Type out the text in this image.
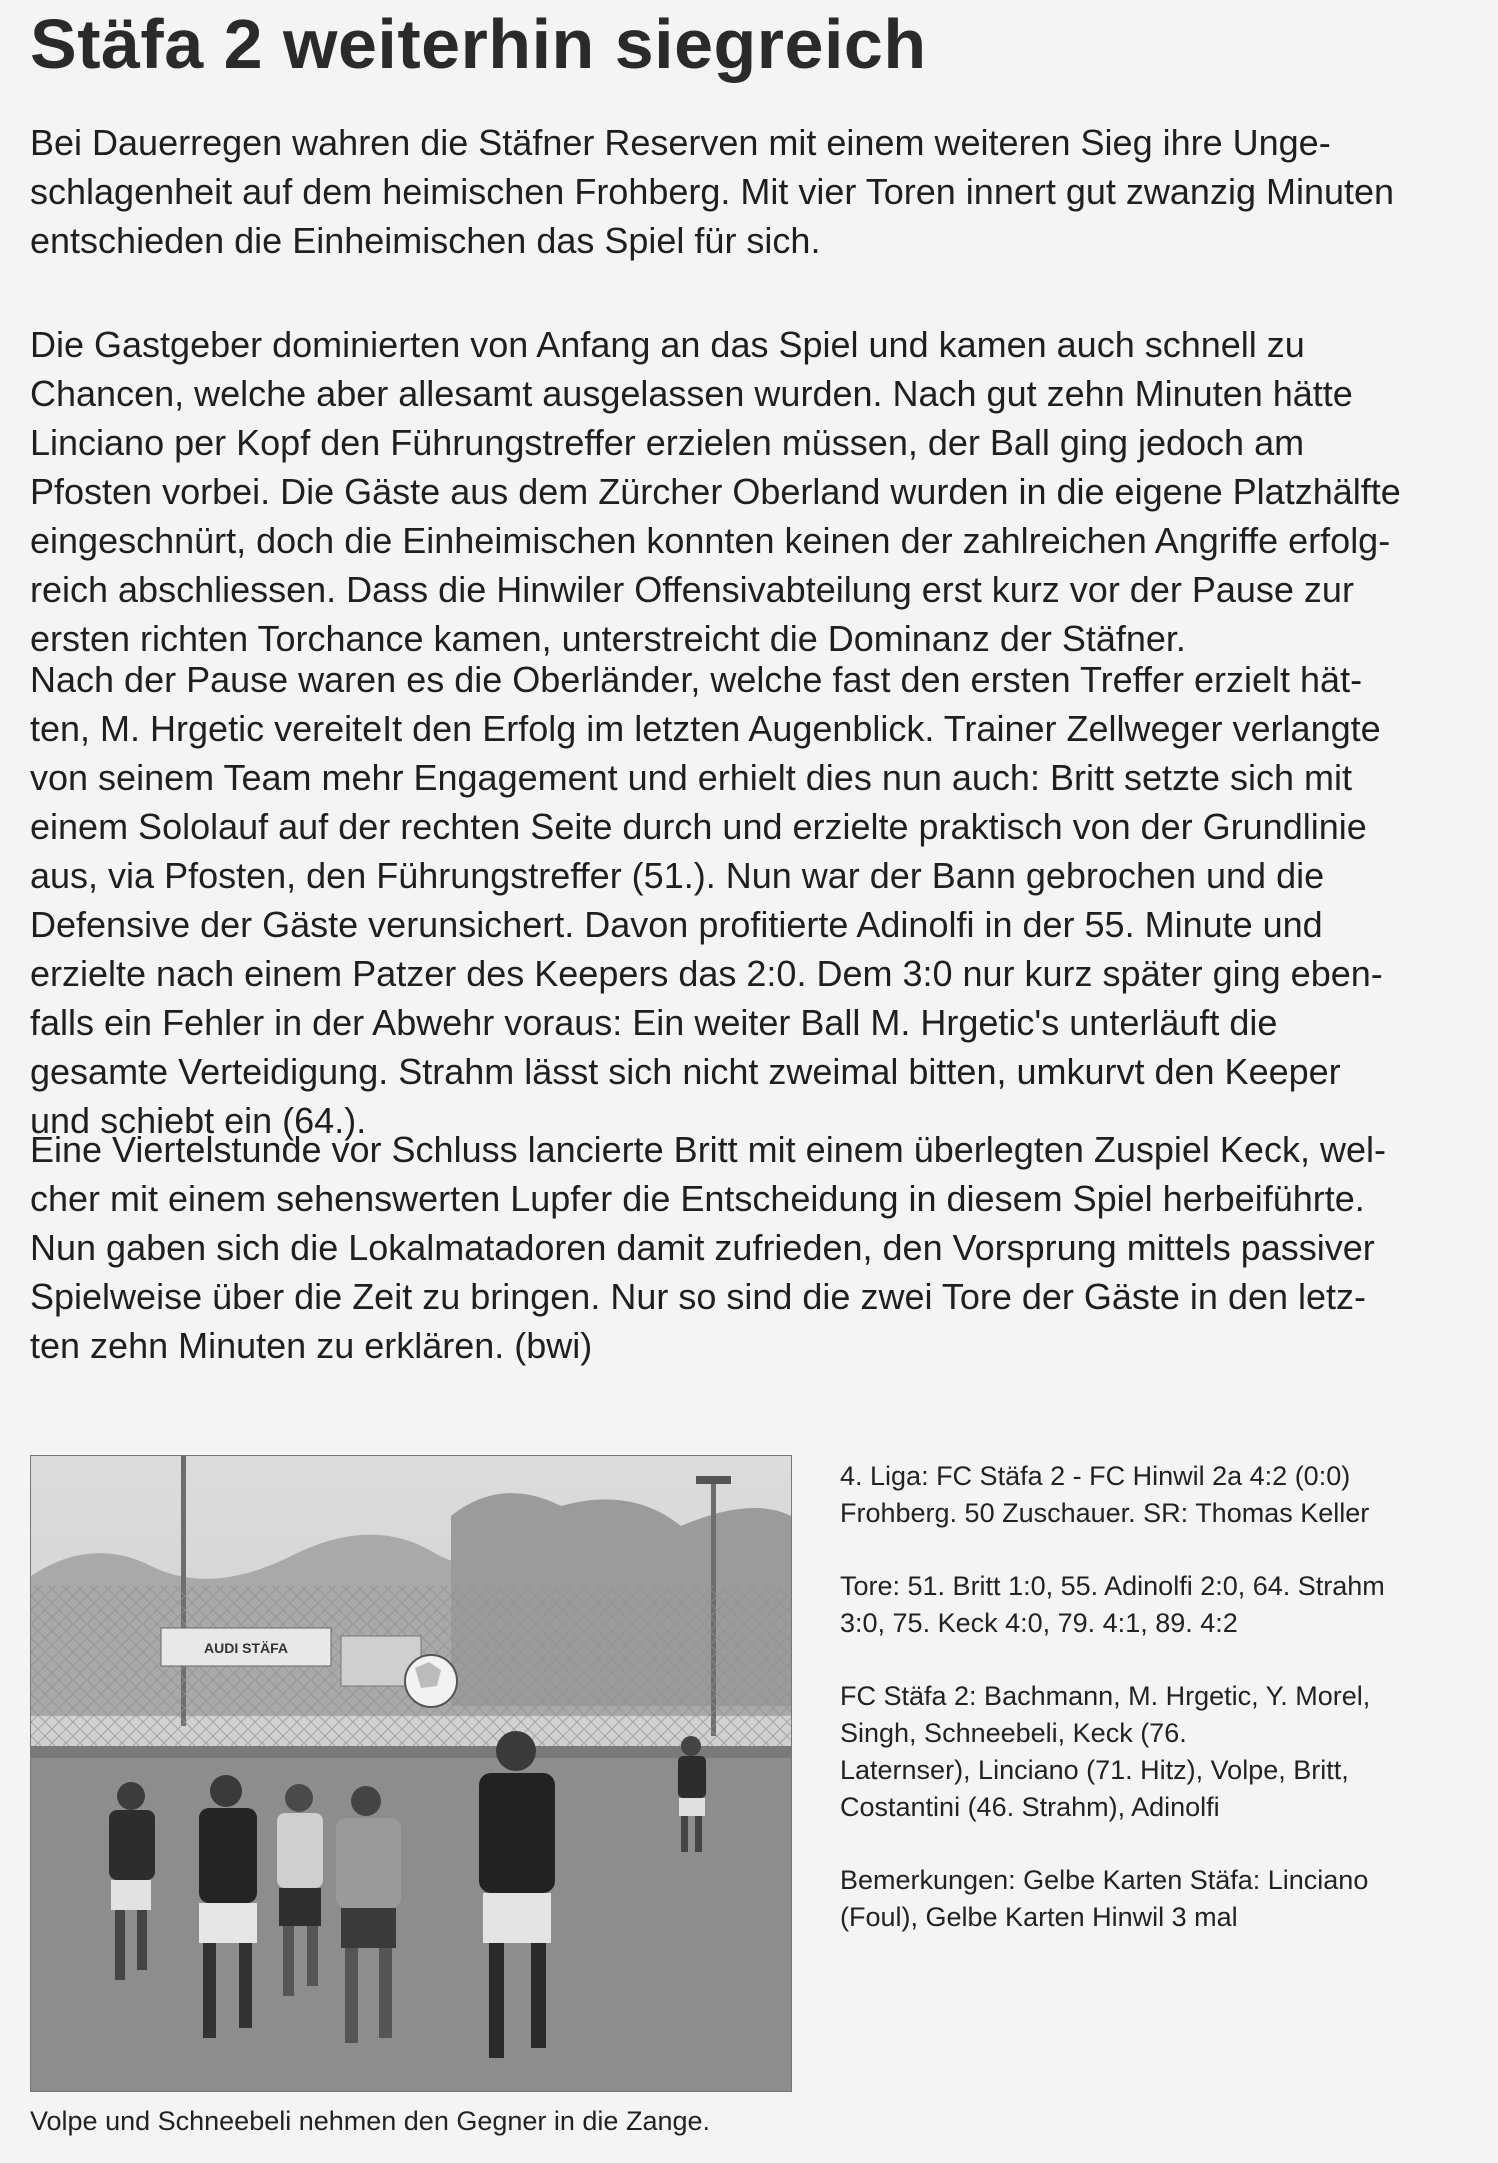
Stäfa 2 weiterhin siegreich

Bei Dauerregen wahren die Stäfner Reserven mit einem weiteren Sieg ihre Unge-
schlagenheit auf dem heimischen Frohberg. Mit vier Toren innert gut zwanzig Minuten
entschieden die Einheimischen das Spiel für sich.

Die Gastgeber dominierten von Anfang an das Spiel und kamen auch schnell zu
Chancen, welche aber allesamt ausgelassen wurden. Nach gut zehn Minuten hätte
Linciano per Kopf den Führungstreffer erzielen müssen, der Ball ging jedoch am
Pfosten vorbei. Die Gäste aus dem Zürcher Oberland wurden in die eigene Platzhälfte
eingeschnürt, doch die Einheimischen konnten keinen der zahlreichen Angriffe erfolg-
reich abschliessen. Dass die Hinwiler Offensivabteilung erst kurz vor der Pause zur
ersten richten Torchance kamen, unterstreicht die Dominanz der Stäfner.

Nach der Pause waren es die Oberländer, welche fast den ersten Treffer erzielt hät-
ten, M. Hrgetic vereiteIt den Erfolg im letzten Augenblick. Trainer Zellweger verlangte
von seinem Team mehr Engagement und erhielt dies nun auch: Britt setzte sich mit
einem Sololauf auf der rechten Seite durch und erzielte praktisch von der Grundlinie
aus, via Pfosten, den Führungstreffer (51.). Nun war der Bann gebrochen und die
Defensive der Gäste verunsichert. Davon profitierte Adinolfi in der 55. Minute und
erzielte nach einem Patzer des Keepers das 2:0. Dem 3:0 nur kurz später ging eben-
falls ein Fehler in der Abwehr voraus: Ein weiter Ball M. Hrgetic's unterläuft die
gesamte Verteidigung. Strahm lässt sich nicht zweimal bitten, umkurvt den Keeper
und schiebt ein (64.).

Eine Viertelstunde vor Schluss lancierte Britt mit einem überlegten Zuspiel Keck, wel-
cher mit einem sehenswerten Lupfer die Entscheidung in diesem Spiel herbeiführte.
Nun gaben sich die Lokalmatadoren damit zufrieden, den Vorsprung mittels passiver
Spielweise über die Zeit zu bringen. Nur so sind die zwei Tore der Gäste in den letz-
ten zehn Minuten zu erklären. (bwi)

4. Liga: FC Stäfa 2 - FC Hinwil 2a 4:2 (0:0)
Frohberg. 50 Zuschauer. SR: Thomas Keller
Tore: 51. Britt 1:0, 55. Adinolfi 2:0, 64. Strahm
3:0, 75. Keck 4:0, 79. 4:1, 89. 4:2
FC Stäfa 2: Bachmann, M. Hrgetic, Y. Morel,
Singh, Schneebeli, Keck (76.
Laternser), Linciano (71. Hitz), Volpe, Britt,
Costantini (46. Strahm), Adinolfi
Bemerkungen: Gelbe Karten Stäfa: Linciano
(Foul), Gelbe Karten Hinwil 3 mal
AUDI STÄFA
Volpe und Schneebeli nehmen den Gegner in die Zange.
